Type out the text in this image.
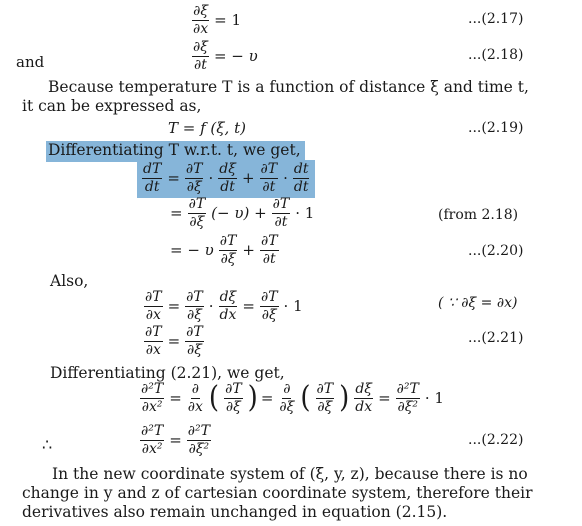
$\frac{\partial\xi}{\partial x} = 1$	...(2.17)
and	$\frac{\partial\xi}{\partial t}$ = − υ	...(2.18)
Because temperature T is a function of distance ξ and time t,
it can be expressed as,
T = f (ξ, t)	...(2.19)
Differentiating T w.r.t. t, we get,
$\frac{dT}{dt} = \frac{\partial T}{\partial\xi} \cdot \frac{d\xi}{dt} + \frac{\partial T}{\partial t} \cdot \frac{dt}{dt}$
= $\frac{\partial T}{\partial\xi}$ (− $\upsilon) + \frac{\partial T}{\partial t} \cdot 1$	(from 2.18)
= − υ $\frac{\partial T}{\partial\xi} + \frac{\partial T}{\partial t}$	...(2.20)
Also,
$\frac{\partial T}{\partial x} = \frac{\partial T}{\partial\xi} \cdot \frac{d\xi}{dx} = \frac{\partial T}{\partial\xi} \cdot 1$	( ∵ ∂ξ = ∂x)
$\frac{\partial T}{\partial x} = \frac{\partial T}{\partial\xi}$	...(2.21)
Differentiating (2.21), we get,
$\frac{\text{∂²T}}{\text{∂x²}} = \frac{\partial}{\partial x}$ ( $\frac{\partial T}{\partial\xi}$ ) = $\frac{\partial}{\partial\xi}$ ( $\frac{\partial T}{\partial\xi}$ ) $\frac{d\xi}{dx} = \frac{\text{∂²T}}{\text{∂ξ²}} \cdot 1$
∴	$\frac{\text{∂²T}}{\text{∂x²}} = \frac{\text{∂²T}}{\text{∂ξ²}}$	...(2.22)
In the new coordinate system of (ξ, y, z), because there is no
change in y and z of cartesian coordinate system, therefore their
derivatives also remain unchanged in equation (2.15).
